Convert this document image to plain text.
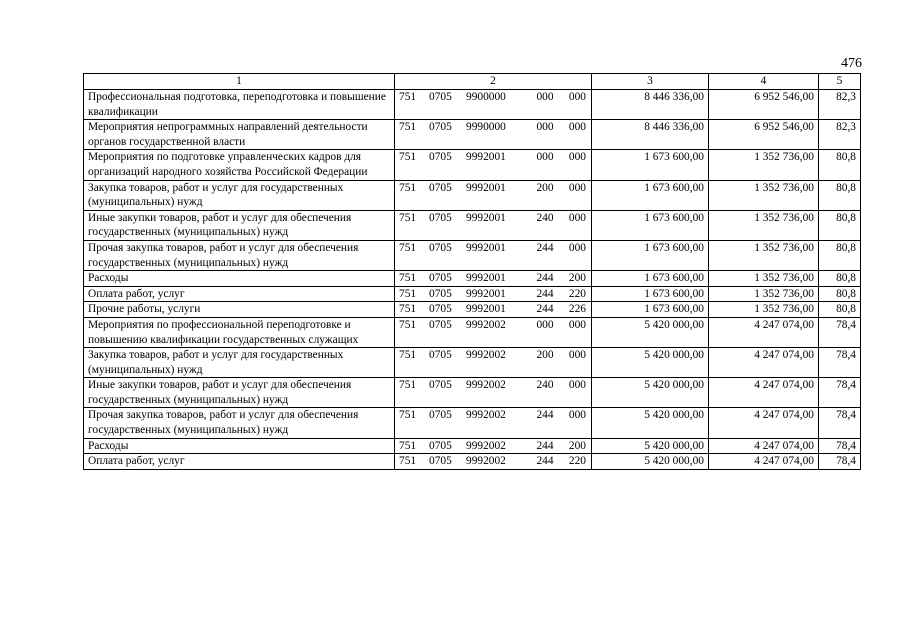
476
1	2	3	4	5
Профессиональная подготовка, переподготовка и повышение квалификации	751 0705 9900000 000 000	8 446 336,00	6 952 546,00	82,3
Мероприятия непрограммных направлений деятельности органов государственной власти	751 0705 9990000 000 000	8 446 336,00	6 952 546,00	82,3
Мероприятия по подготовке управленческих кадров для организаций народного хозяйства Российской Федерации	751 0705 9992001 000 000	1 673 600,00	1 352 736,00	80,8
Закупка товаров, работ и услуг для государственных (муниципальных) нужд	751 0705 9992001 200 000	1 673 600,00	1 352 736,00	80,8
Иные закупки товаров, работ и услуг для обеспечения государственных (муниципальных) нужд	751 0705 9992001 240 000	1 673 600,00	1 352 736,00	80,8
Прочая закупка товаров, работ и услуг для обеспечения государственных (муниципальных) нужд	751 0705 9992001 244 000	1 673 600,00	1 352 736,00	80,8
Расходы	751 0705 9992001 244 200	1 673 600,00	1 352 736,00	80,8
Оплата работ, услуг	751 0705 9992001 244 220	1 673 600,00	1 352 736,00	80,8
Прочие работы, услуги	751 0705 9992001 244 226	1 673 600,00	1 352 736,00	80,8
Мероприятия по профессиональной переподготовке и повышению квалификации государственных служащих	751 0705 9992002 000 000	5 420 000,00	4 247 074,00	78,4
Закупка товаров, работ и услуг для государственных (муниципальных) нужд	751 0705 9992002 200 000	5 420 000,00	4 247 074,00	78,4
Иные закупки товаров, работ и услуг для обеспечения государственных (муниципальных) нужд	751 0705 9992002 240 000	5 420 000,00	4 247 074,00	78,4
Прочая закупка товаров, работ и услуг для обеспечения государственных (муниципальных) нужд	751 0705 9992002 244 000	5 420 000,00	4 247 074,00	78,4
Расходы	751 0705 9992002 244 200	5 420 000,00	4 247 074,00	78,4
Оплата работ, услуг	751 0705 9992002 244 220	5 420 000,00	4 247 074,00	78,4
